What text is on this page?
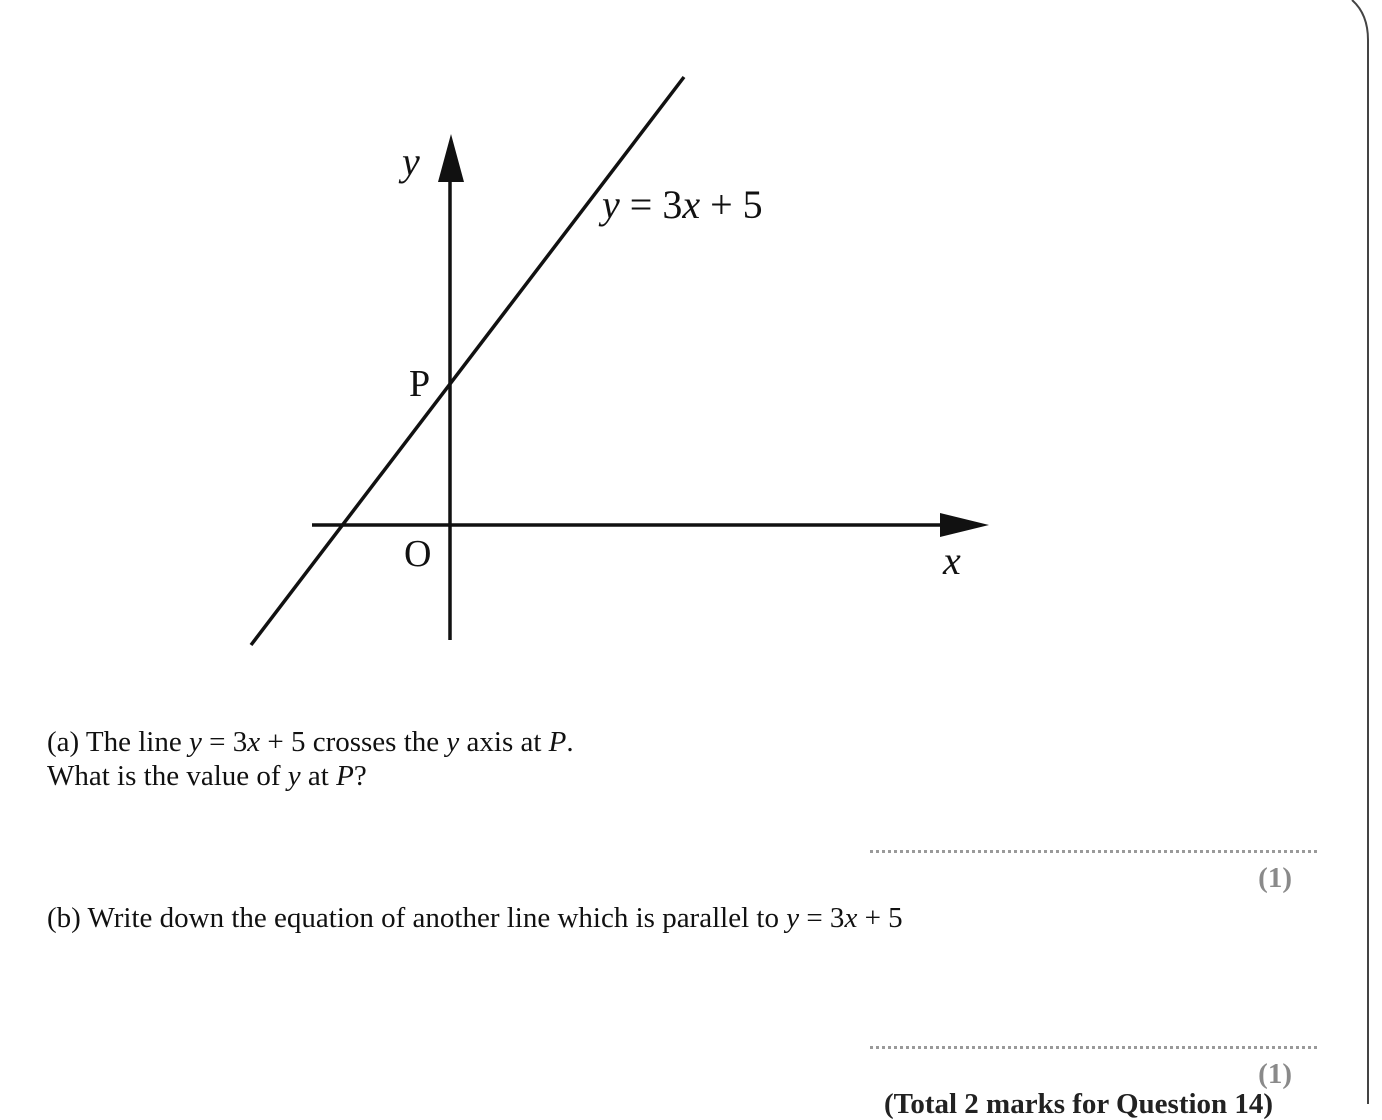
y
x
O
P
y = 3x + 5
(a) The line y = 3x + 5 crosses the y axis at P.
What is the value of y at P?
(1)
(b) Write down the equation of another line which is parallel to y = 3x + 5
(1)
(Total 2 marks for Question 14)
